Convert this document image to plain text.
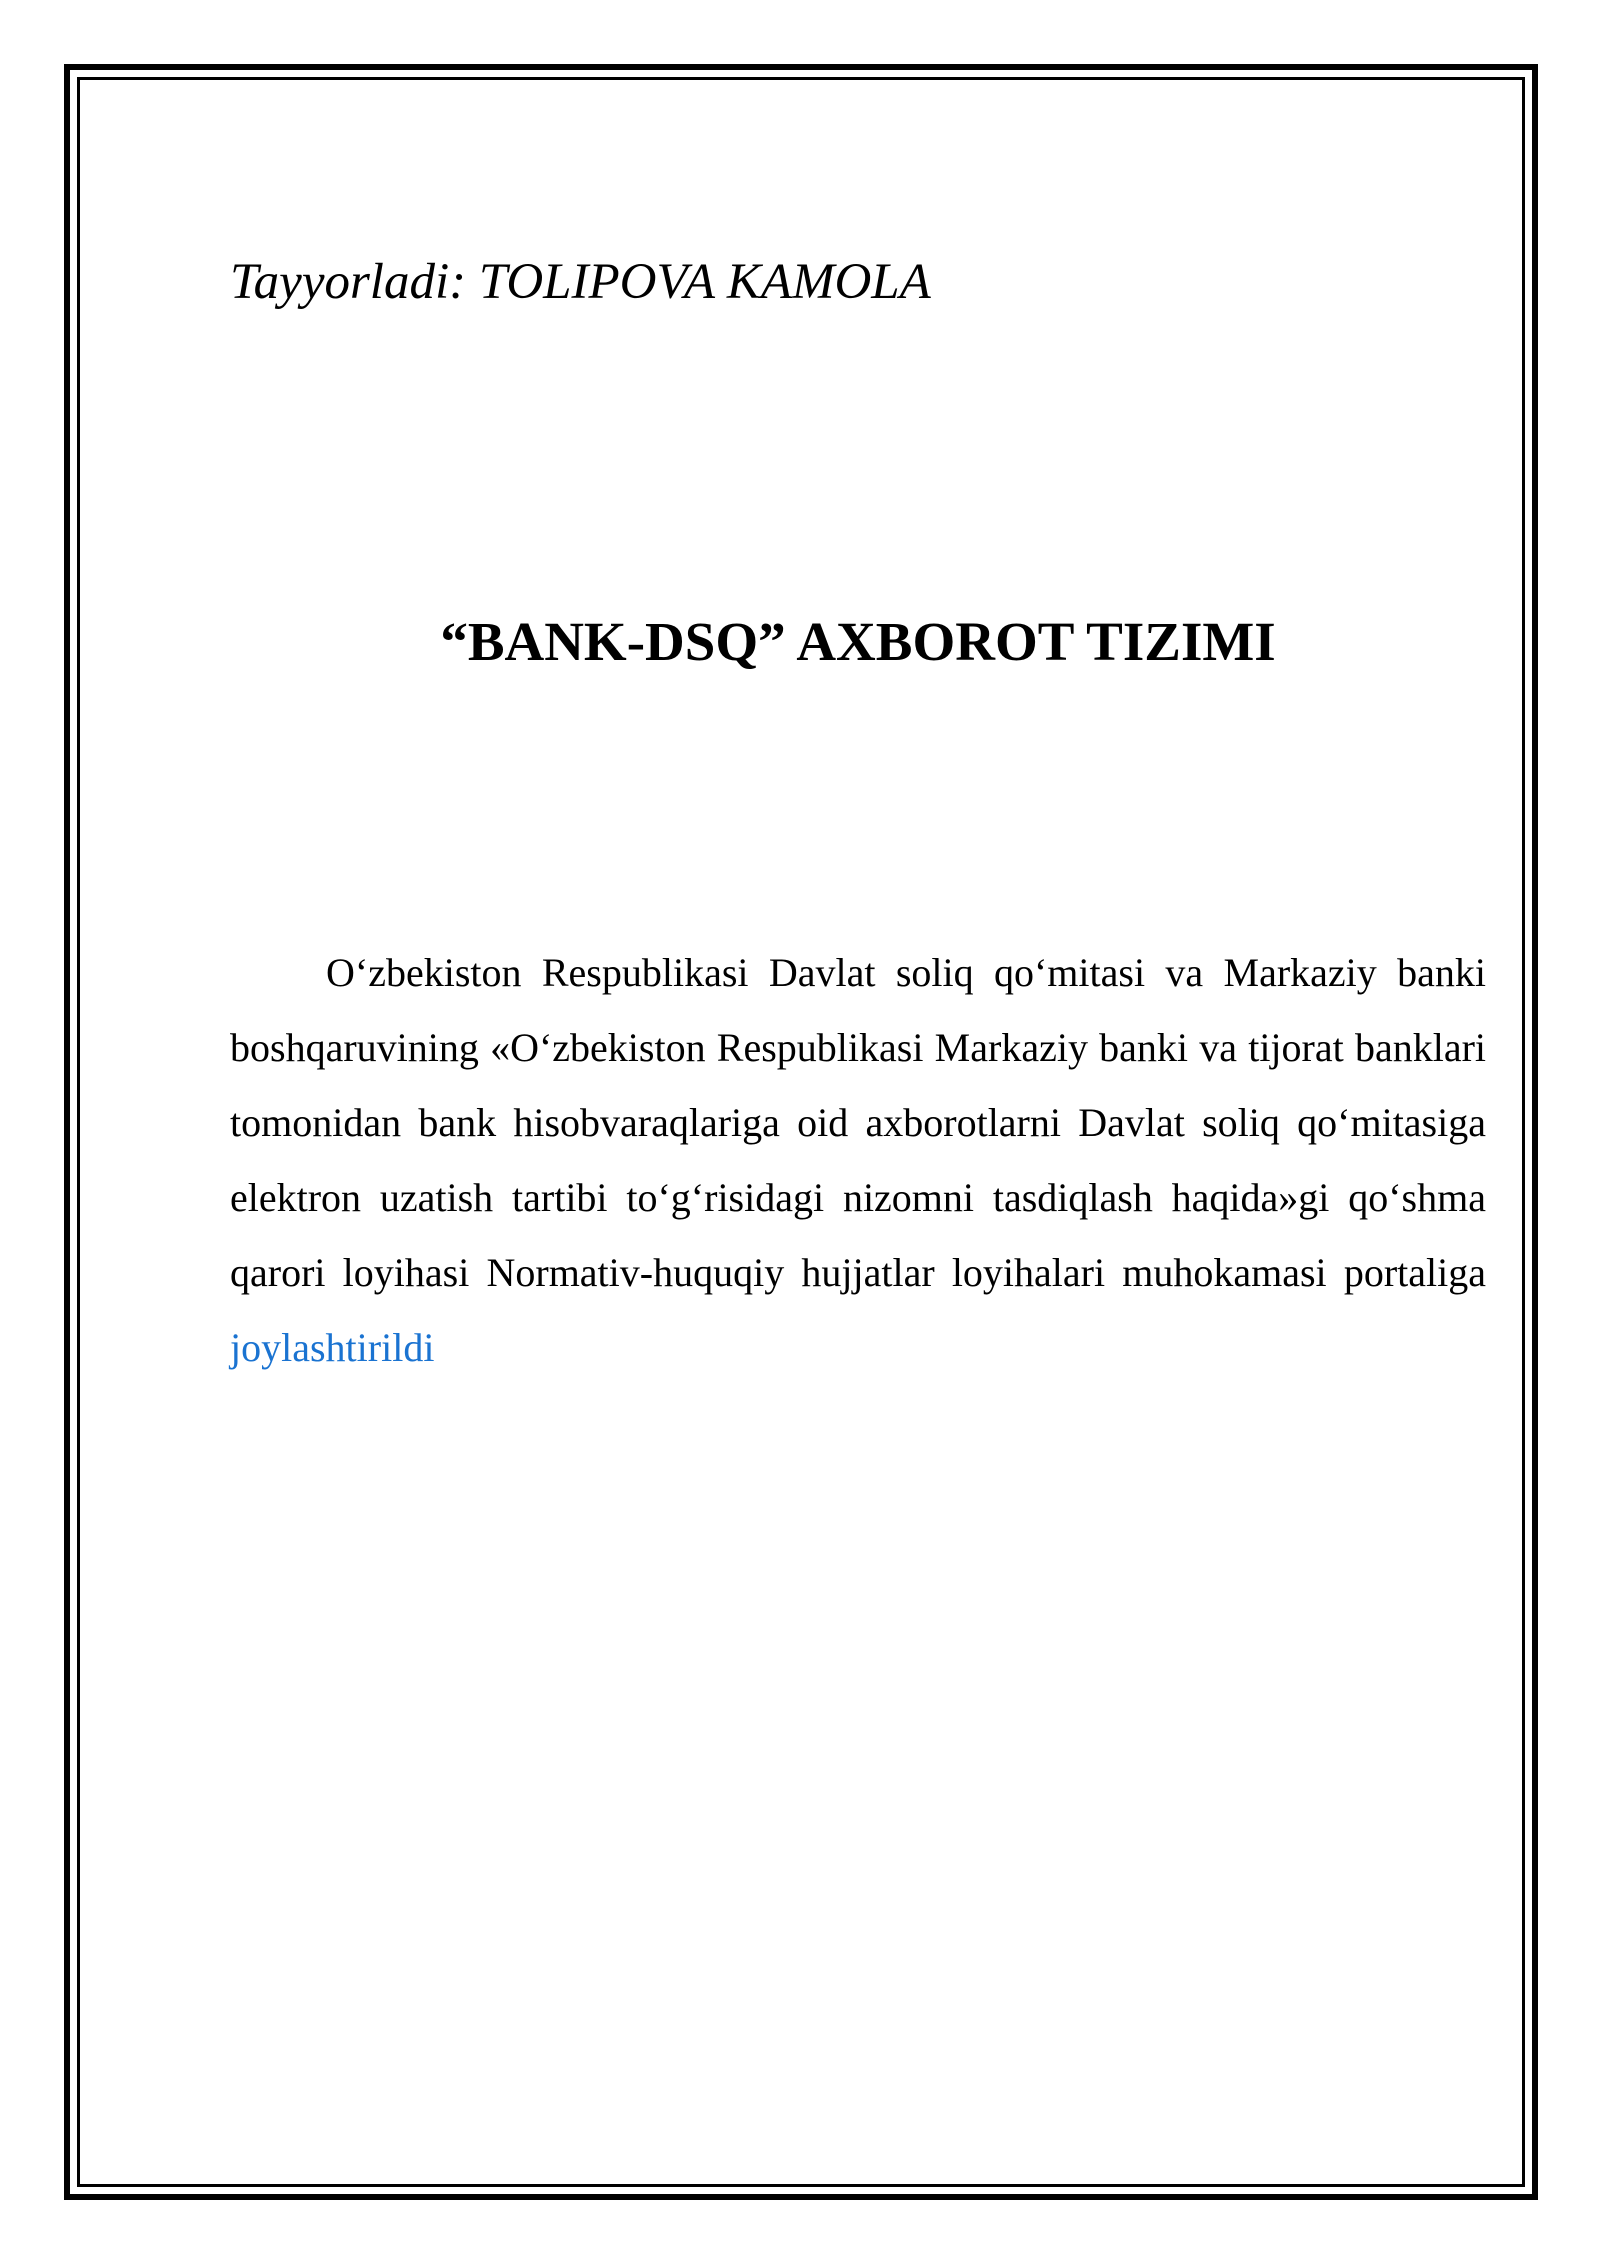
Tayyorladi: TOLIPOVA KAMOLA
“BANK-DSQ” AXBOROT TIZIMI

O‘zbekiston Respublikasi Davlat soliq qo‘mitasi va Markaziy banki boshqaruvining «O‘zbekiston Respublikasi Markaziy banki va tijorat banklari tomonidan bank hisobvaraqlariga oid axborotlarni Davlat soliq qo‘mitasiga elektron uzatish tartibi to‘g‘risidagi nizomni tasdiqlash haqida»gi qo‘shma qarori loyihasi Normativ-huquqiy hujjatlar loyihalari muhokamasi portaliga joylashtirildi
